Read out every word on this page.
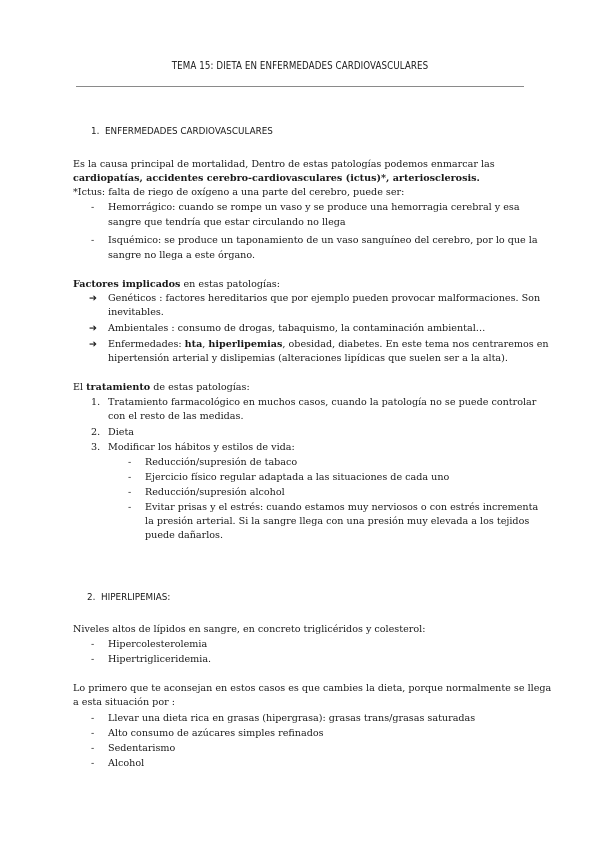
TEMA 15: DIETA EN ENFERMEDADES CARDIOVASCULARES
1. ENFERMEDADES CARDIOVASCULARES
Es la causa principal de mortalidad, Dentro de estas patologías podemos enmarcar las
cardiopatías, accidentes cerebro-cardiovasculares (ictus)*, arteriosclerosis.
*Ictus: falta de riego de oxígeno a una parte del cerebro, puede ser:
- Hemorrágico: cuando se rompe un vaso y se produce una hemorragia cerebral y esa
sangre que tendría que estar circulando no llega
- Isquémico: se produce un taponamiento de un vaso sanguíneo del cerebro, por lo que la
sangre no llega a este órgano.
Factores implicados en estas patologías:
➔ Genéticos : factores hereditarios que por ejemplo pueden provocar malformaciones. Son
inevitables.
➔ Ambientales : consumo de drogas, tabaquismo, la contaminación ambiental…
➔ Enfermedades: hta, hiperlipemias, obesidad, diabetes. En este tema nos centraremos en
hipertensión arterial y dislipemias (alteraciones lipídicas que suelen ser a la alta).
El tratamiento de estas patologías:
1. Tratamiento farmacológico en muchos casos, cuando la patología no se puede controlar
con el resto de las medidas.
2. Dieta
3. Modificar los hábitos y estilos de vida:
- Reducción/supresión de tabaco
- Ejercicio físico regular adaptada a las situaciones de cada uno
- Reducción/supresión alcohol
- Evitar prisas y el estrés: cuando estamos muy nerviosos o con estrés incrementa
la presión arterial. Si la sangre llega con una presión muy elevada a los tejidos
puede dañarlos.
2. HIPERLIPEMIAS:
Niveles altos de lípidos en sangre, en concreto triglicéridos y colesterol:
- Hipercolesterolemia
- Hipertrigliceridemia.
Lo primero que te aconsejan en estos casos es que cambies la dieta, porque normalmente se llega
a esta situación por :
- Llevar una dieta rica en grasas (hipergrasa): grasas trans/grasas saturadas
- Alto consumo de azúcares simples refinados
- Sedentarismo
- Alcohol
